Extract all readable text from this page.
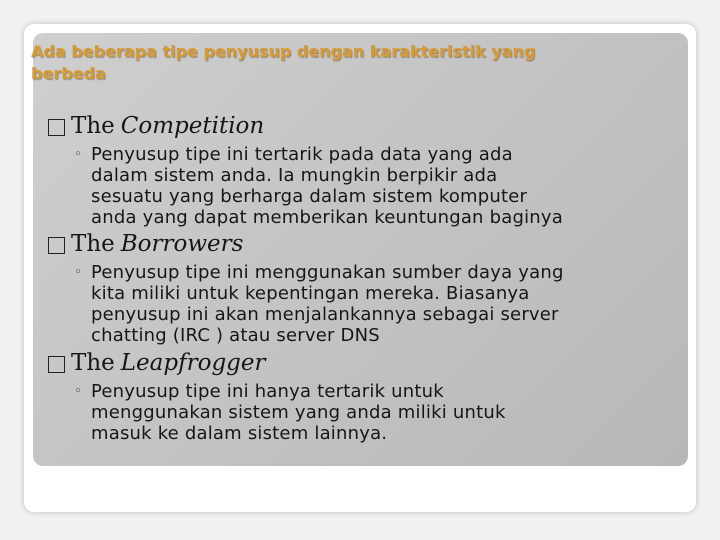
Ada beberapa tipe penyusup dengan karakteristik yang berbeda
The Competition
◦ Penyusup tipe ini tertarik pada data yang ada dalam sistem anda. Ia mungkin berpikir ada sesuatu yang berharga dalam sistem komputer anda yang dapat memberikan keuntungan baginya
The Borrowers
◦ Penyusup tipe ini menggunakan sumber daya yang kita miliki untuk kepentingan mereka. Biasanya penyusup ini akan menjalankannya sebagai server chatting (IRC ) atau server DNS
The Leapfrogger
◦ Penyusup tipe ini hanya tertarik untuk menggunakan sistem yang anda miliki untuk masuk ke dalam sistem lainnya.
